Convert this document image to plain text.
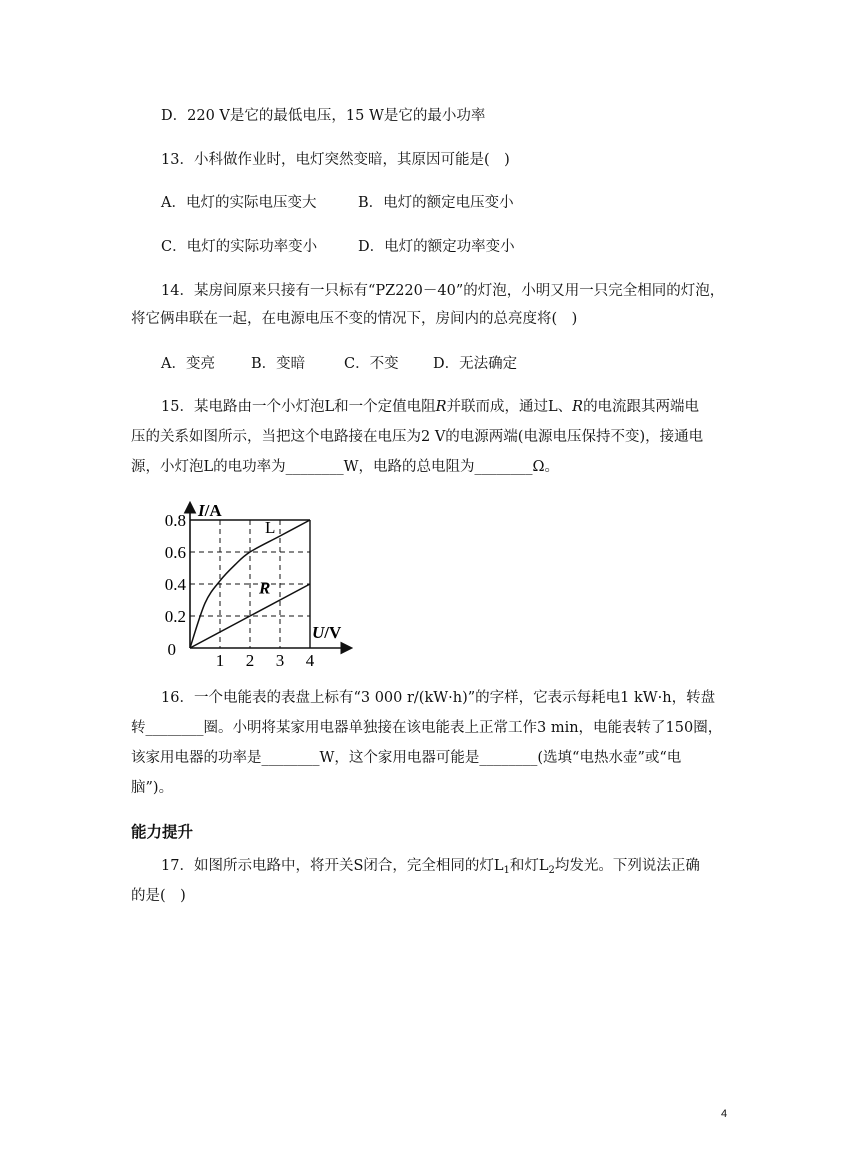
D．220 V是它的最低电压，15 W是它的最小功率
13．小科做作业时，电灯突然变暗，其原因可能是(　)
A．电灯的实际电压变大	B．电灯的额定电压变小
C．电灯的实际功率变小	D．电灯的额定功率变小
14．某房间原来只接有一只标有“PZ220－40”的灯泡，小明又用一只完全相同的灯泡，
将它俩串联在一起，在电源电压不变的情况下，房间内的总亮度将(　)
A．变亮 B．变暗	C．不变 D．无法确定
15．某电路由一个小灯泡L和一个定值电阻R并联而成，通过L、R的电流跟其两端电
压的关系如图所示，当把这个电路接在电压为2 V的电源两端(电源电压保持不变)，接通电
源，小灯泡L的电功率为________W，电路的总电阻为________Ω。
L
R
1 2 3 4
0.2
0.4
0.6
0.8
0
I/A
U/V
16．一个电能表的表盘上标有“3 000 r/(kW·h)”的字样，它表示每耗电1 kW·h，转盘
转________圈。小明将某家用电器单独接在该电能表上正常工作3 min，电能表转了150圈，
该家用电器的功率是________W，这个家用电器可能是________(选填“电热水壶”或“电
脑”)。
能力提升
17．如图所示电路中，将开关S闭合，完全相同的灯$L_1$和灯$L_2$均发光。下列说法正确
的是(　)
4
